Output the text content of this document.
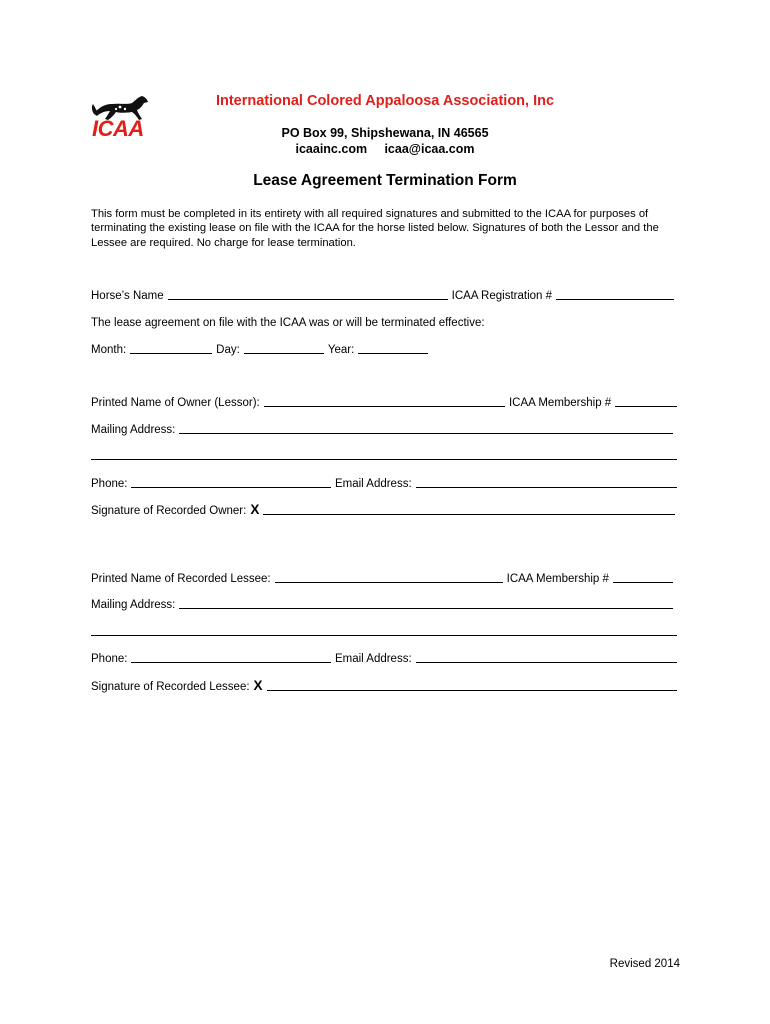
ICAA
International Colored Appaloosa Association, Inc
PO Box 99, Shipshewana, IN 46565
icaainc.com icaa@icaa.com
Lease Agreement Termination Form

This form must be completed in its entirety with all required signatures and submitted to the ICAA for purposes of terminating the existing lease on file with the ICAA for the horse listed below. Signatures of both the Lessor and the Lessee are required. No charge for lease termination.

Horse’s Name	ICAA Registration #
The lease agreement on file with the ICAA was or will be terminated effective:
Month:	Day:	Year:
Printed Name of Owner (Lessor):	ICAA Membership #
Mailing Address:
Phone:	Email Address:
Signature of Recorded Owner: X
Printed Name of Recorded Lessee:	ICAA Membership #
Mailing Address:
Phone:	Email Address:
Signature of Recorded Lessee: X
Revised 2014
